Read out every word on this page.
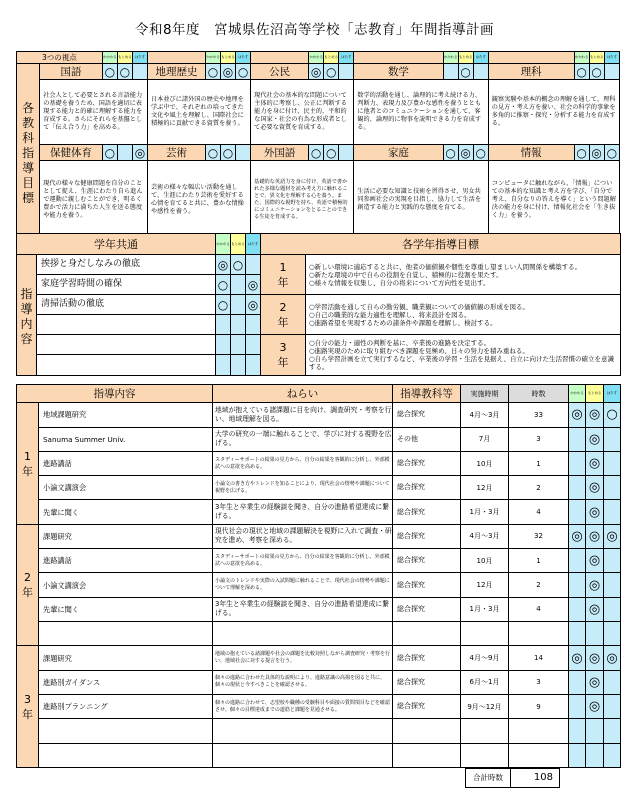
令和8年度　宮城県佐沼高等学校「志教育」年間指導計画
3つの視点		かかわる	もとめる	はたす		かかわる	もとめる	はたす		かかわる	もとめる	はたす		かかわる	もとめる	はたす		かかわる	もとめる	はたす

各教科指導目標	国語	○	○		地理歴史	○	◎	○	公民	◎	○		数学		○		理科	○	○	
	社会人として必要とされる言語能力の基礎を養うため、国語を適切に表現する能力と的確に理解する能力を育成する。さらにそれらを基盤として「伝え合う力」を高める。				日本並びに諸外国の歴史や地理を学ぶ中で、それぞれの培ってきた文化や風土を理解し、国際社会に積極的に貢献できる資質を養う。				現代社会の基本的な問題について主体的に考察し、公正に判断する能力を身に付け、民主的、平和的な国家・社会の有為な形成者として必要な資質を育成する。				数学的活動を通し、論理的に考え続ける力、判断力、表現力及び豊かな感性を養うとともに他者とのコミュニケーションを通して、客観的、論理的に物事を説明できる力を育成する。				観察実験や基本的概念の理解を通して、理科の見方・考え方を養い、社会の科学的事象を多角的に推察・探究・分析する能力を育成する。			
	保健体育	○		◎	芸術	○	○		外国語	○	○		家庭	○	◎	○	情報	○	◎	○
	現代の様々な健康問題を自分のこととして捉え、生涯にわたり自ら進んで運動に親しむことができ、明るく豊かで活力に満ちた人生を送る態度や能力を養う。				芸術の様々な幅広い活動を通して、生涯にわたり芸術を愛好する心情を育てると共に、豊かな情操や感性を養う。				基礎的な英語力を身に付け、英語で書かれた多様な題材を読み考え方に触れることで、異文化を理解する心を養う。また、国際的な視野を持ち、英語で積極的にコミュニケーションをとることのできる生徒を育成する。				生活に必要な知識と技術を習得させ、男女共同参画社会の実現を目指し、協力して生活を創造する能力と実践的な態度を育てる。				コンピュータに触れながら、「情報」についての基本的な知識と考え方を学び、「自分で考え、自分なりの答えを導く」という問題解決の能力を身に付け、情報化社会を「生き抜く力」を養う。			
学年共通		かかわる	もとめる	はたす	各学年指導目標	

指導内容	挨拶と身だしなみの徹底	◎	○		1年	○新しい環境に適応すると共に、他者の価値観や個性を尊重し望ましい人間関係を構築する。
○新たな環境の中で自らの役割を自覚し、積極的に役割を果たす。
○様々な情報を収集し、自分の将来について方向性を見出す。

	家庭学習時間の確保	○		◎		
	清掃活動の徹底	○		◎	2年	○学習活動を通して自らの勤労観、職業観についての価値観の形成を図る。
○自己の職業的な能力適性を理解し、将来設計を図る。
○進路希望を実現するための諸条件や課題を理解し、検討する。

					3年	○自分の能力・適性の判断を基に、卒業後の進路を決定する。
○進路実現のために取り組むべき課題を見極め、日々の努力を積み重ねる。
○自ら学習計画を立て実行するなど、卒業後の学習・生活を見据え、自立に向けた生活習慣の確立を意識する。

指導内容		ねらい	指導教科等	実施時期	時数	かかわる	もとめる	はたす

1年	地域課題研究	地域が抱えている諸課題に目を向け、調査研究・考察を行い、地域理解を図る。	総合探究	4月～3月	33	◎	◎	○
	Sanuma Summer Univ.	大学の研究の一端に触れることで、学びに対する視野を広げる。	その他	7月	3		◎	
	進路講話	スタディーサポートの結果の見方から、自分の結果を客観的に分析し、外部模試への意欲を高める。	総合探究	10月	1		◎	
	小論文講演会	小論文の書き方やトレンドを知ることにより、現代社会の情勢や課題について視野を広げる。	総合探究	12月	2		◎	
	先輩に聞く	3年生と卒業生の経験談を聞き、自分の進路希望達成に繋げる。	総合探究	1月・3月	4		◎	

2年	課題研究	現代社会の現状と地域の課題解決を視野に入れて調査・研究を進め、考察を深める。	総合探究	4月～3月	32	◎	◎	◎
	進路講話	スタディーサポートの結果の見方から、自分の結果を客観的に分析し、外部模試への意欲を高める。	総合探究	10月	1		◎	
	小論文講演会	小論文のトレンドや実際の入試問題に触れることで、現代社会の情勢や課題について理解を深める。	総合探究	12月	2		◎	
	先輩に聞く	3年生と卒業生の経験談を聞き、自分の進路希望達成に繋げる。	総合探究	1月・3月	4		◎	

3年	課題研究	地域の抱えている諸課題や社会の課題を比較対照しながら調査研究・考察を行い、地域社会に対する提言を行う。	総合探究	4月～9月	14	◎	◎	◎
	進路別ガイダンス	個々の進路に合わせた具体的な説明により、進路意識の高揚を図ると共に、個々の現状と今すべきことを確認させる。	総合探究	6月～1月	3		◎	
	進路別プランニング	個々の進路に合わせて、志望校や職種の受験科目や面接の質問項目などを確認させ、個々の目標達成までの道筋と課題を見通させる。	総合探究	9月～12月	9		◎	

合計時数	108
